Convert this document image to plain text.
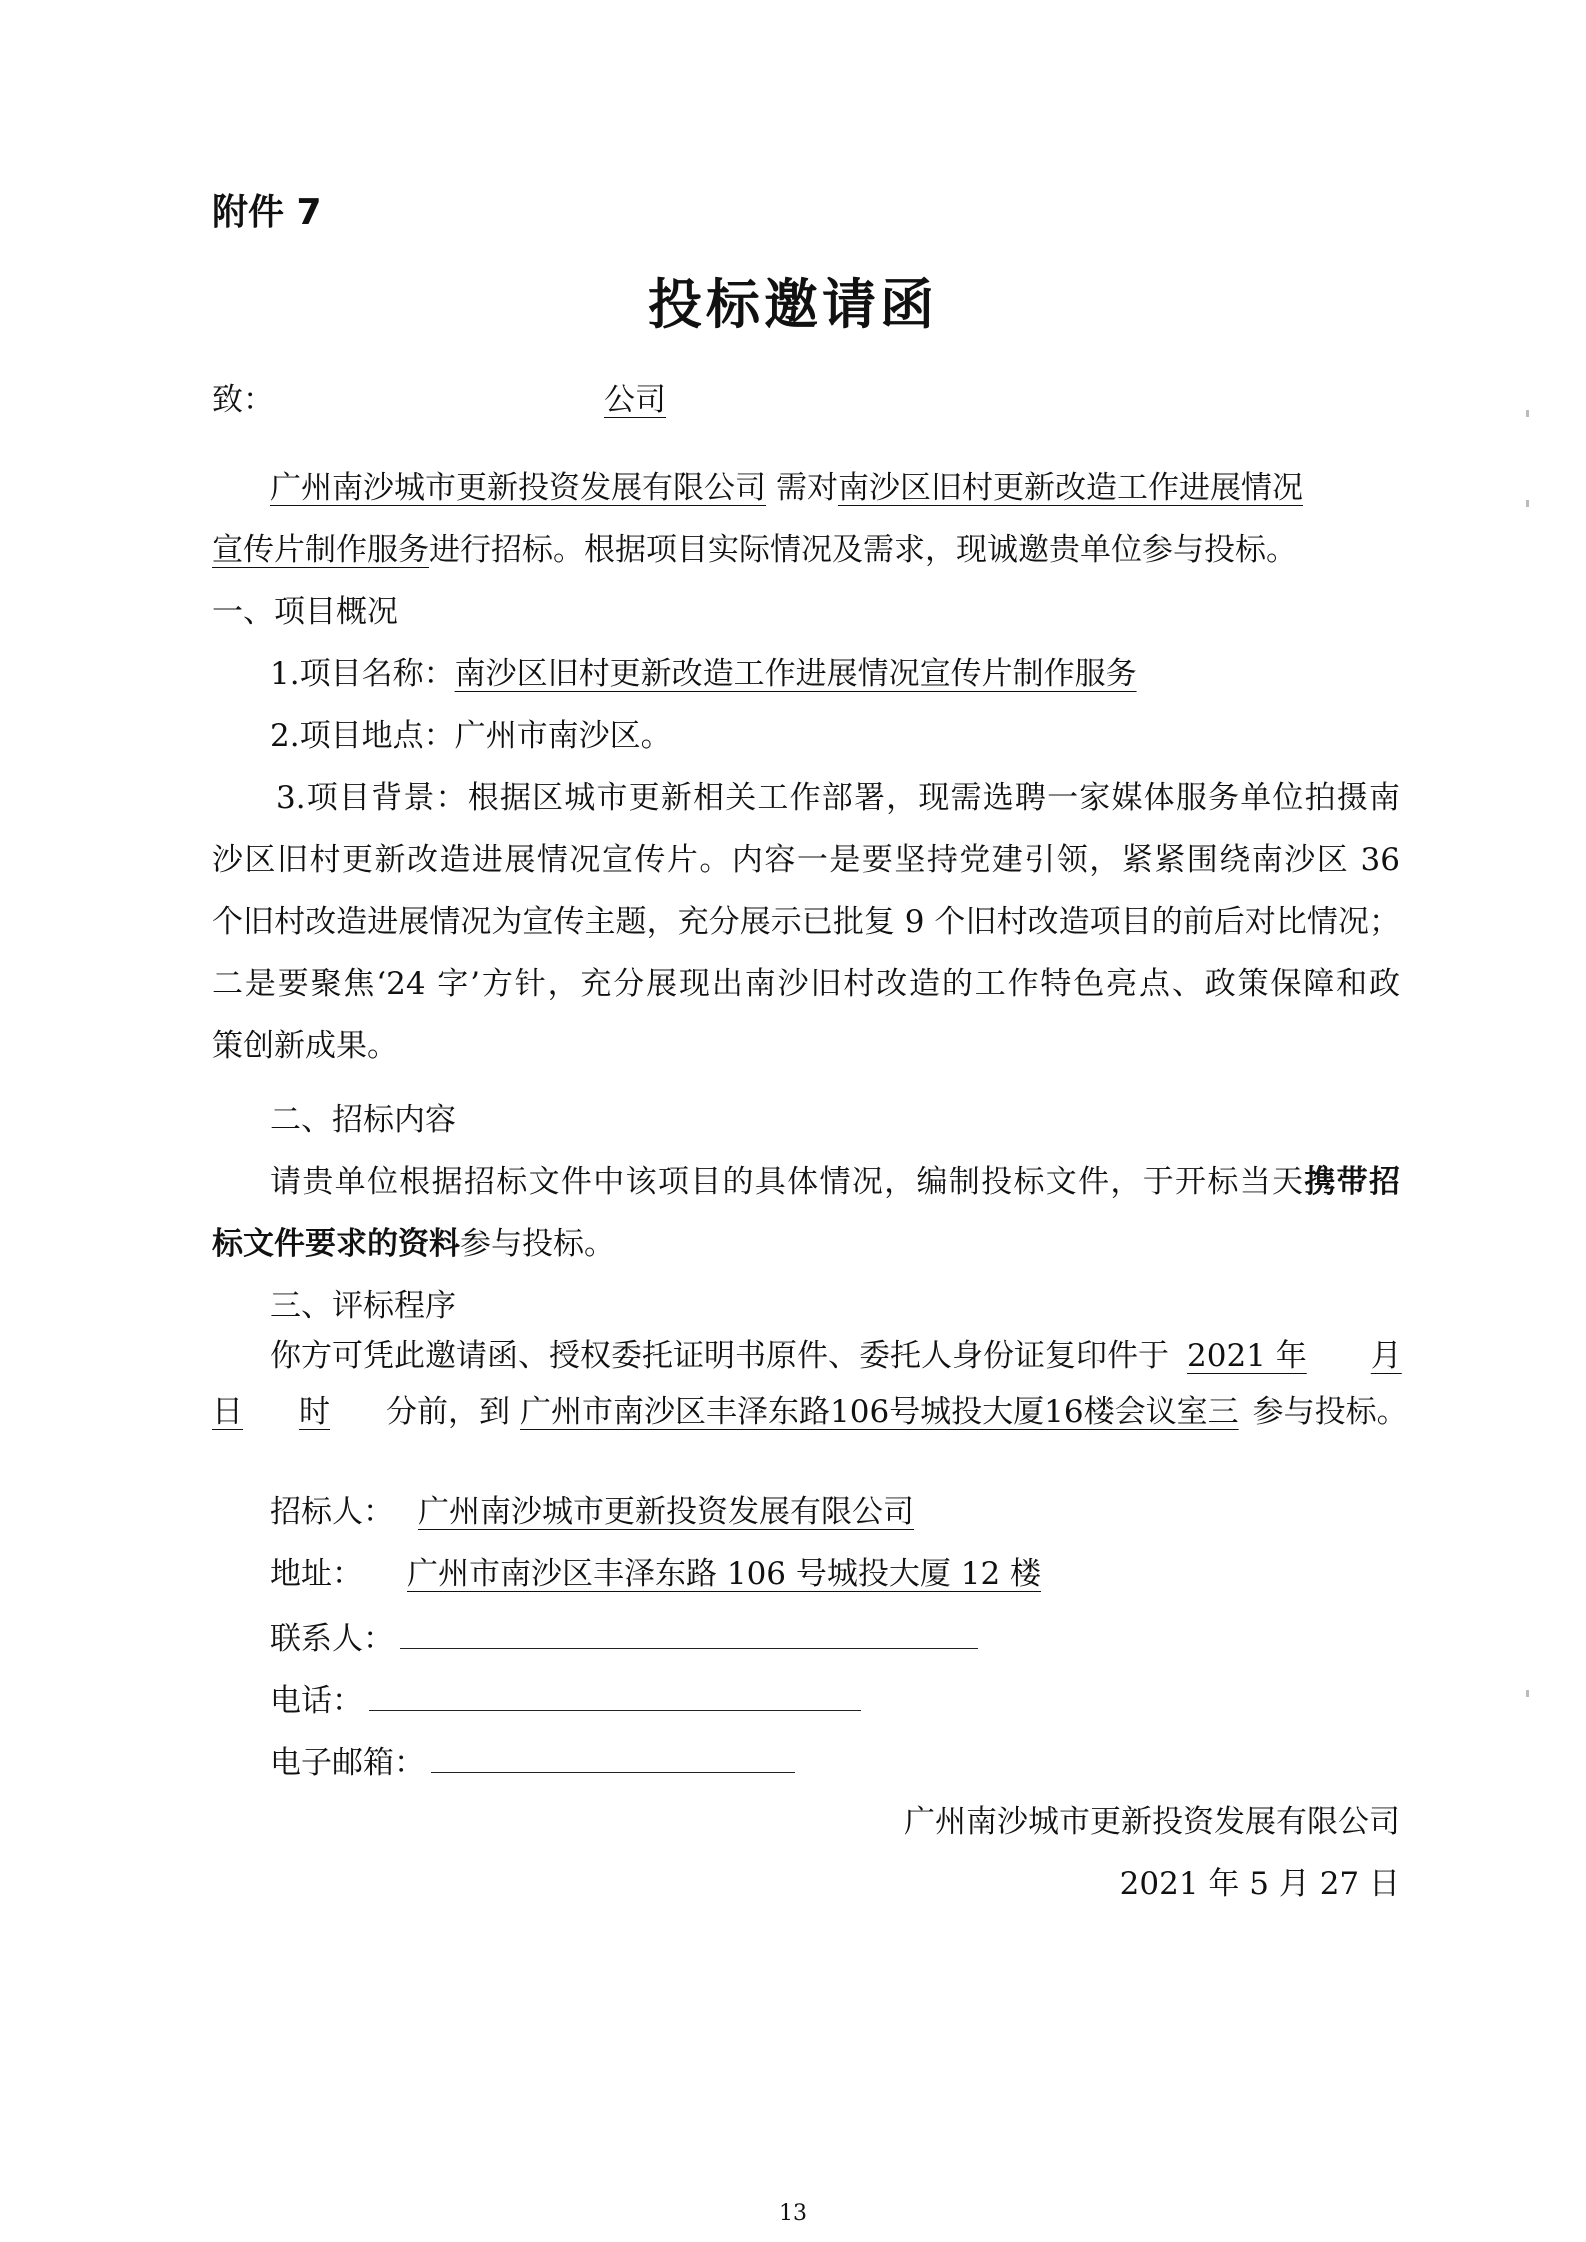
附件 7
投标邀请函
致：	公司
广州南沙城市更新投资发展有限公司 需对南沙区旧村更新改造工作进展情况
宣传片制作服务进行招标。根据项目实际情况及需求，现诚邀贵单位参与投标。
一、项目概况
1.项目名称：南沙区旧村更新改造工作进展情况宣传片制作服务
2.项目地点：广州市南沙区。
3.项目背景：根据区城市更新相关工作部署，现需选聘一家媒体服务单位拍摄南
沙区旧村更新改造进展情况宣传片。内容一是要坚持党建引领，紧紧围绕南沙区 36
个旧村改造进展情况为宣传主题，充分展示已批复 9 个旧村改造项目的前后对比情况；
二是要聚焦‘24 字’方针，充分展现出南沙旧村改造的工作特色亮点、政策保障和政
策创新成果。
二、招标内容
请贵单位根据招标文件中该项目的具体情况，编制投标文件，于开标当天携带招
标文件要求的资料参与投标。
三、评标程序
你方可凭此邀请函、授权委托证明书原件、委托人身份证复印件于 2021 年 月
日 时 分前，到 广州市南沙区丰泽东路106号城投大厦16楼会议室三 参与投标。
招标人： 广州南沙城市更新投资发展有限公司
地址： 广州市南沙区丰泽东路 106 号城投大厦 12 楼
联系人：
电话：
电子邮箱：
广州南沙城市更新投资发展有限公司
2021 年 5 月 27 日
13
